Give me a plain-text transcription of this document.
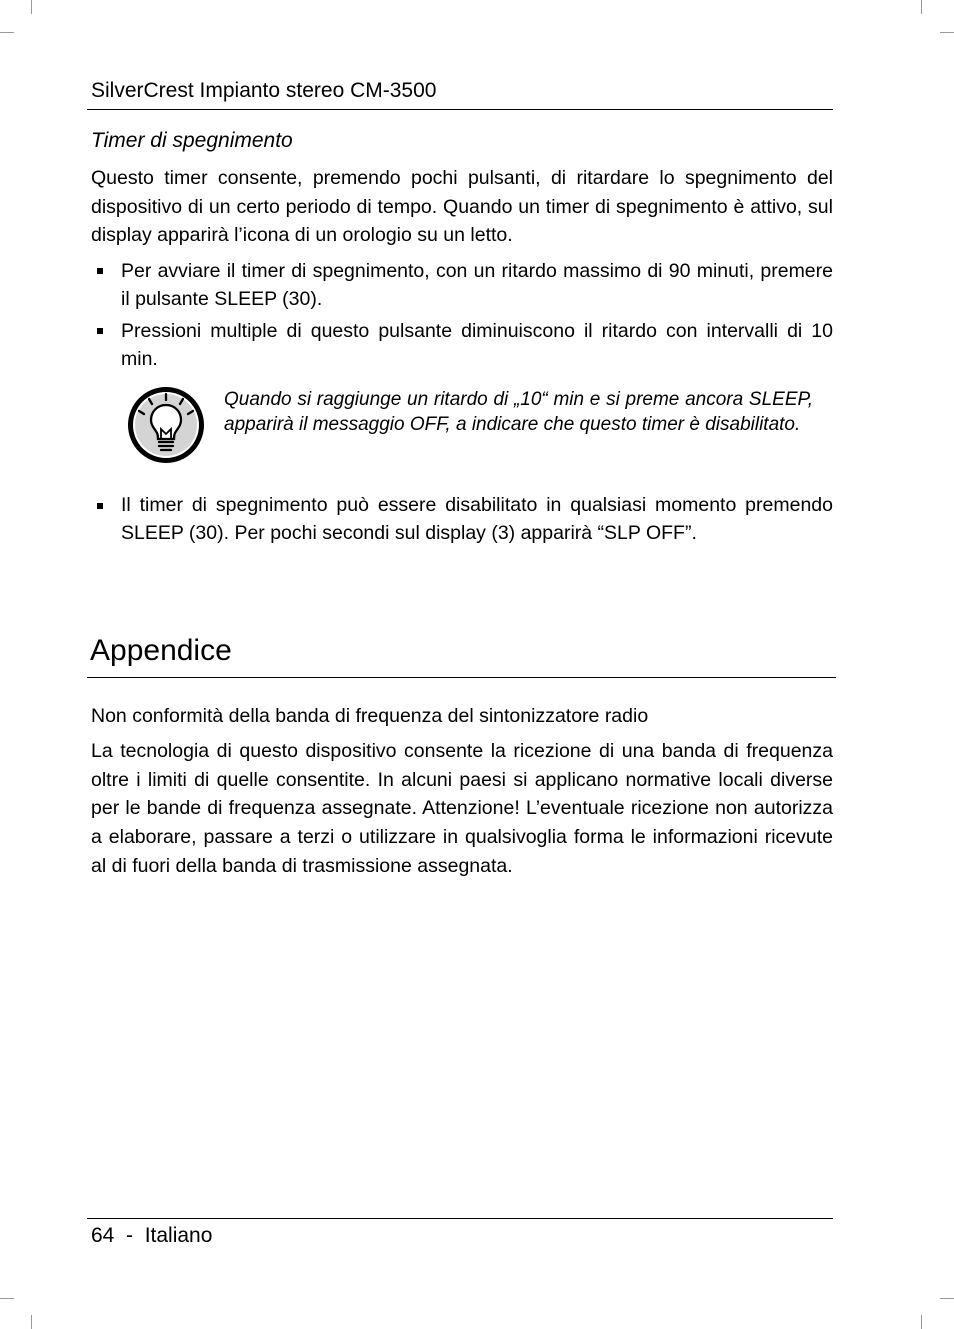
SilverCrest Impianto stereo CM-3500
Timer di spegnimento

Questo timer consente, premendo pochi pulsanti, di ritardare lo spegnimento del dispositivo di un certo periodo di tempo. Quando un timer di spegnimento è attivo, sul display apparirà l’icona di un orologio su un letto.

Per avviare il timer di spegnimento, con un ritardo massimo di 90 minuti, premere il pulsante SLEEP (30).
Pressioni multiple di questo pulsante diminuiscono il ritardo con intervalli di 10 min.
Quando si raggiunge un ritardo di „10“ min e si preme ancora SLEEP, apparirà il messaggio OFF, a indicare che questo timer è disabilitato.
Il timer di spegnimento può essere disabilitato in qualsiasi momento premendo SLEEP (30). Per pochi secondi sul display (3) apparirà “SLP OFF”.
Appendice

Non conformità della banda di frequenza del sintonizzatore radio

La tecnologia di questo dispositivo consente la ricezione di una banda di frequenza oltre i limiti di quelle consentite. In alcuni paesi si applicano normative locali diverse per le bande di frequenza assegnate. Attenzione! L’eventuale ricezione non autorizza a elaborare, passare a terzi o utilizzare in qualsivoglia forma le informazioni ricevute al di fuori della banda di trasmissione assegnata.

64  -  Italiano
